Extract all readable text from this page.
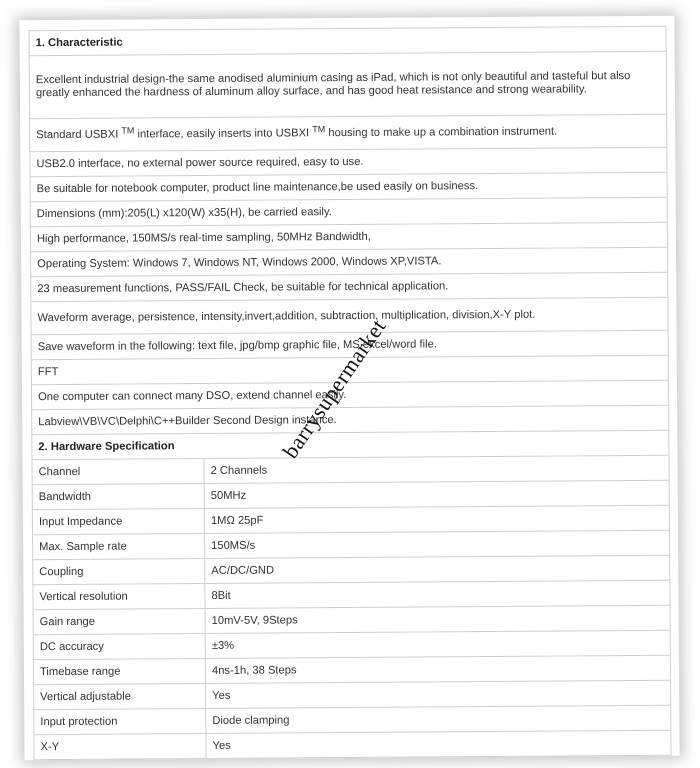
1. Characteristic	
Excellent industrial design-the same anodised aluminium casing as iPad, which is not only beautiful and tasteful but also greatly enhanced the hardness of aluminum alloy surface, and has good heat resistance and strong wearability.	
Standard USBXI ™ interface, easily inserts into USBXI ™ housing to make up a combination instrument.	
USB2.0 interface, no external power source required, easy to use.	
Be suitable for notebook computer, product line maintenance,be used easily on business.	
Dimensions (mm):205(L) x120(W) x35(H), be carried easily.	
High performance, 150MS/s real-time sampling, 50MHz Bandwidth,	
Operating System: Windows 7, Windows NT, Windows 2000, Windows XP,VISTA.	
23 measurement functions, PASS/FAIL Check, be suitable for technical application.	
Waveform average, persistence, intensity,invert,addition, subtraction, multiplication, division,X-Y plot.	
Save waveform in the following: text file, jpg/bmp graphic file, MS excel/word file.	
FFT	
One computer can connect many DSO, extend channel easily.	
Labview\VB\VC\Delphi\C++Builder Second Design instance.	
2. Hardware Specification	
Channel	2 Channels
Bandwidth	50MHz
Input Impedance	1MΩ 25pF
Max. Sample rate	150MS/s
Coupling	AC/DC/GND
Vertical resolution	8Bit
Gain range	10mV-5V, 9Steps
DC accuracy	±3%
Timebase range	4ns-1h, 38 Steps
Vertical adjustable	Yes
Input protection	Diode clamping
X-Y	Yes
barrysupermarket
